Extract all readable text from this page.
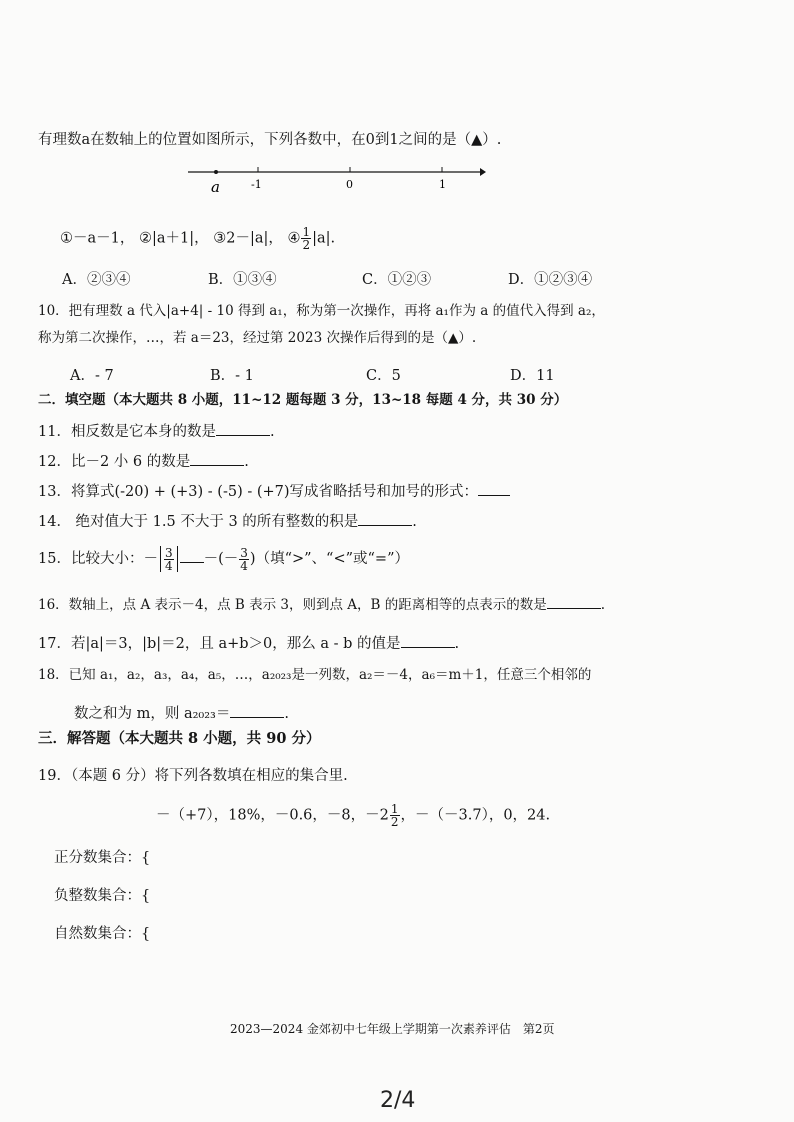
有理数a在数轴上的位置如图所示，下列各数中，在0到1之间的是（▲）.
a	-1	0	1
①－a－1， ②|a＋1|， ③2－|a|， ④ $\frac{1}{2} |a|$.
A．②③④	B．①③④	C．①②③	D．①②③④
10．把有理数 a 代入|a+4| - 10 得到 a₁，称为第一次操作，再将 a₁作为 a 的值代入得到 a₂，
称为第二次操作，…，若 a＝23，经过第 2023 次操作后得到的是（▲）.
A．- 7	B．- 1	C．5	D．11
二．填空题（本大题共 8 小题，11~12 题每题 3 分，13~18 每题 4 分，共 30 分）
11．相反数是它本身的数是	.
12．比－2 小 6 的数是	.
13．将算式(-20) + (+3) - (-5) - (+7)写成省略括号和加号的形式：
14． 绝对值大于 1.5 不大于 3 的所有整数的积是	.
15．比较大小：－ $\frac{3}{4}$ －(－ $\frac{3}{4}$ )（填“>”、“<”或“=”）
16．数轴上，点 A 表示－4，点 B 表示 3，则到点 A，B 的距离相等的点表示的数是	.
17．若|a|＝3，|b|＝2，且 a+b＞0，那么 a - b 的值是	.
18．已知 a₁，a₂，a₃，a₄，a₅，…，a₂₀₂₃是一列数，a₂＝－4，a₆＝m＋1，任意三个相邻的
数之和为 m，则 a₂₀₂₃＝	.
三．解答题（本大题共 8 小题，共 90 分）
19．（本题 6 分）将下列各数填在相应的集合里.
－（+7），18%，－0.6，－8，$-2 \frac{1}{2}$ ，－（－3.7），0，24.
正分数集合：{
负整数集合：{
自然数集合：{
2023—2024 金郊初中七年级上学期第一次素养评估　第2页
2/4
